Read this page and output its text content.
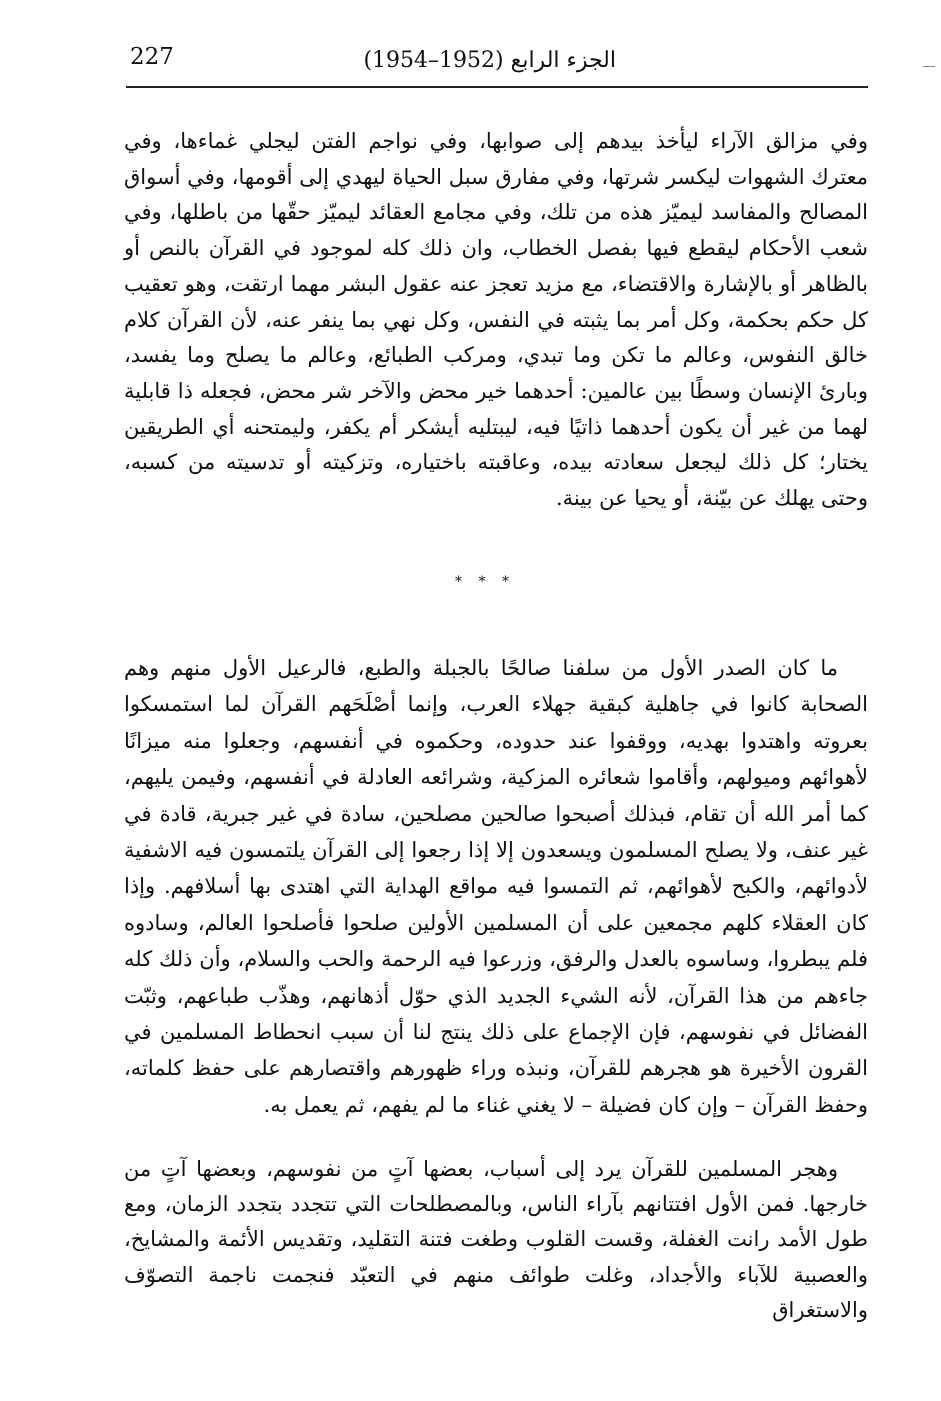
227	الجزء الرابع (1952–1954)

وفي مزالق الآراء ليأخذ بيدهم إلى صوابها، وفي نواجم الفتن ليجلي غماءها، وفي معترك الشهوات ليكسر شرتها، وفي مفارق سبل الحياة ليهدي إلى أقومها، وفي أسواق المصالح والمفاسد ليميّز هذه من تلك، وفي مجامع العقائد ليميّز حقّها من باطلها، وفي شعب الأحكام ليقطع فيها بفصل الخطاب، وان ذلك كله لموجود في القرآن بالنص أو بالظاهر أو بالإشارة والاقتضاء، مع مزيد تعجز عنه عقول البشر مهما ارتقت، وهو تعقيب كل حكم بحكمة، وكل أمر بما يثبته في النفس، وكل نهي بما ينفر عنه، لأن القرآن كلام خالق النفوس، وعالم ما تكن وما تبدي، ومركب الطبائع، وعالم ما يصلح وما يفسد، وبارئ الإنسان وسطًا بين عالمين: أحدهما خير محض والآخر شر محض، فجعله ذا قابلية لهما من غير أن يكون أحدهما ذاتيًا فيه، ليبتليه أيشكر أم يكفر، وليمتحنه أي الطريقين يختار؛ كل ذلك ليجعل سعادته بيده، وعاقبته باختياره، وتزكيته أو تدسيته من كسبه، وحتى يهلك عن بيّنة، أو يحيا عن بينة.

* * *

ما كان الصدر الأول من سلفنا صالحًا بالجبلة والطبع، فالرعيل الأول منهم وهم الصحابة كانوا في جاهلية كبقية جهلاء العرب، وإنما أصْلَحَهم القرآن لما استمسكوا بعروته واهتدوا بهديه، ووقفوا عند حدوده، وحكموه في أنفسهم، وجعلوا منه ميزانًا لأهوائهم وميولهم، وأقاموا شعائره المزكية، وشرائعه العادلة في أنفسهم، وفيمن يليهم، كما أمر الله أن تقام، فبذلك أصبحوا صالحين مصلحين، سادة في غير جبرية، قادة في غير عنف، ولا يصلح المسلمون ويسعدون إلا إذا رجعوا إلى القرآن يلتمسون فيه الاشفية لأدوائهم، والكبح لأهوائهم، ثم التمسوا فيه مواقع الهداية التي اهتدى بها أسلافهم. وإذا كان العقلاء كلهم مجمعين على أن المسلمين الأولين صلحوا فأصلحوا العالم، وسادوه فلم يبطروا، وساسوه بالعدل والرفق، وزرعوا فيه الرحمة والحب والسلام، وأن ذلك كله جاءهم من هذا القرآن، لأنه الشيء الجديد الذي حوّل أذهانهم، وهذّب طباعهم، وثبّت الفضائل في نفوسهم، فإن الإجماع على ذلك ينتج لنا أن سبب انحطاط المسلمين في القرون الأخيرة هو هجرهم للقرآن، ونبذه وراء ظهورهم واقتصارهم على حفظ كلماته، وحفظ القرآن – وإن كان فضيلة – لا يغني غناء ما لم يفهم، ثم يعمل به.

وهجر المسلمين للقرآن يرد إلى أسباب، بعضها آتٍ من نفوسهم، وبعضها آتٍ من خارجها. فمن الأول افتتانهم بآراء الناس، وبالمصطلحات التي تتجدد بتجدد الزمان، ومع طول الأمد رانت الغفلة، وقست القلوب وطغت فتنة التقليد، وتقديس الأئمة والمشايخ، والعصبية للآباء والأجداد، وغلت طوائف منهم في التعبّد فنجمت ناجمة التصوّف والاستغراق
